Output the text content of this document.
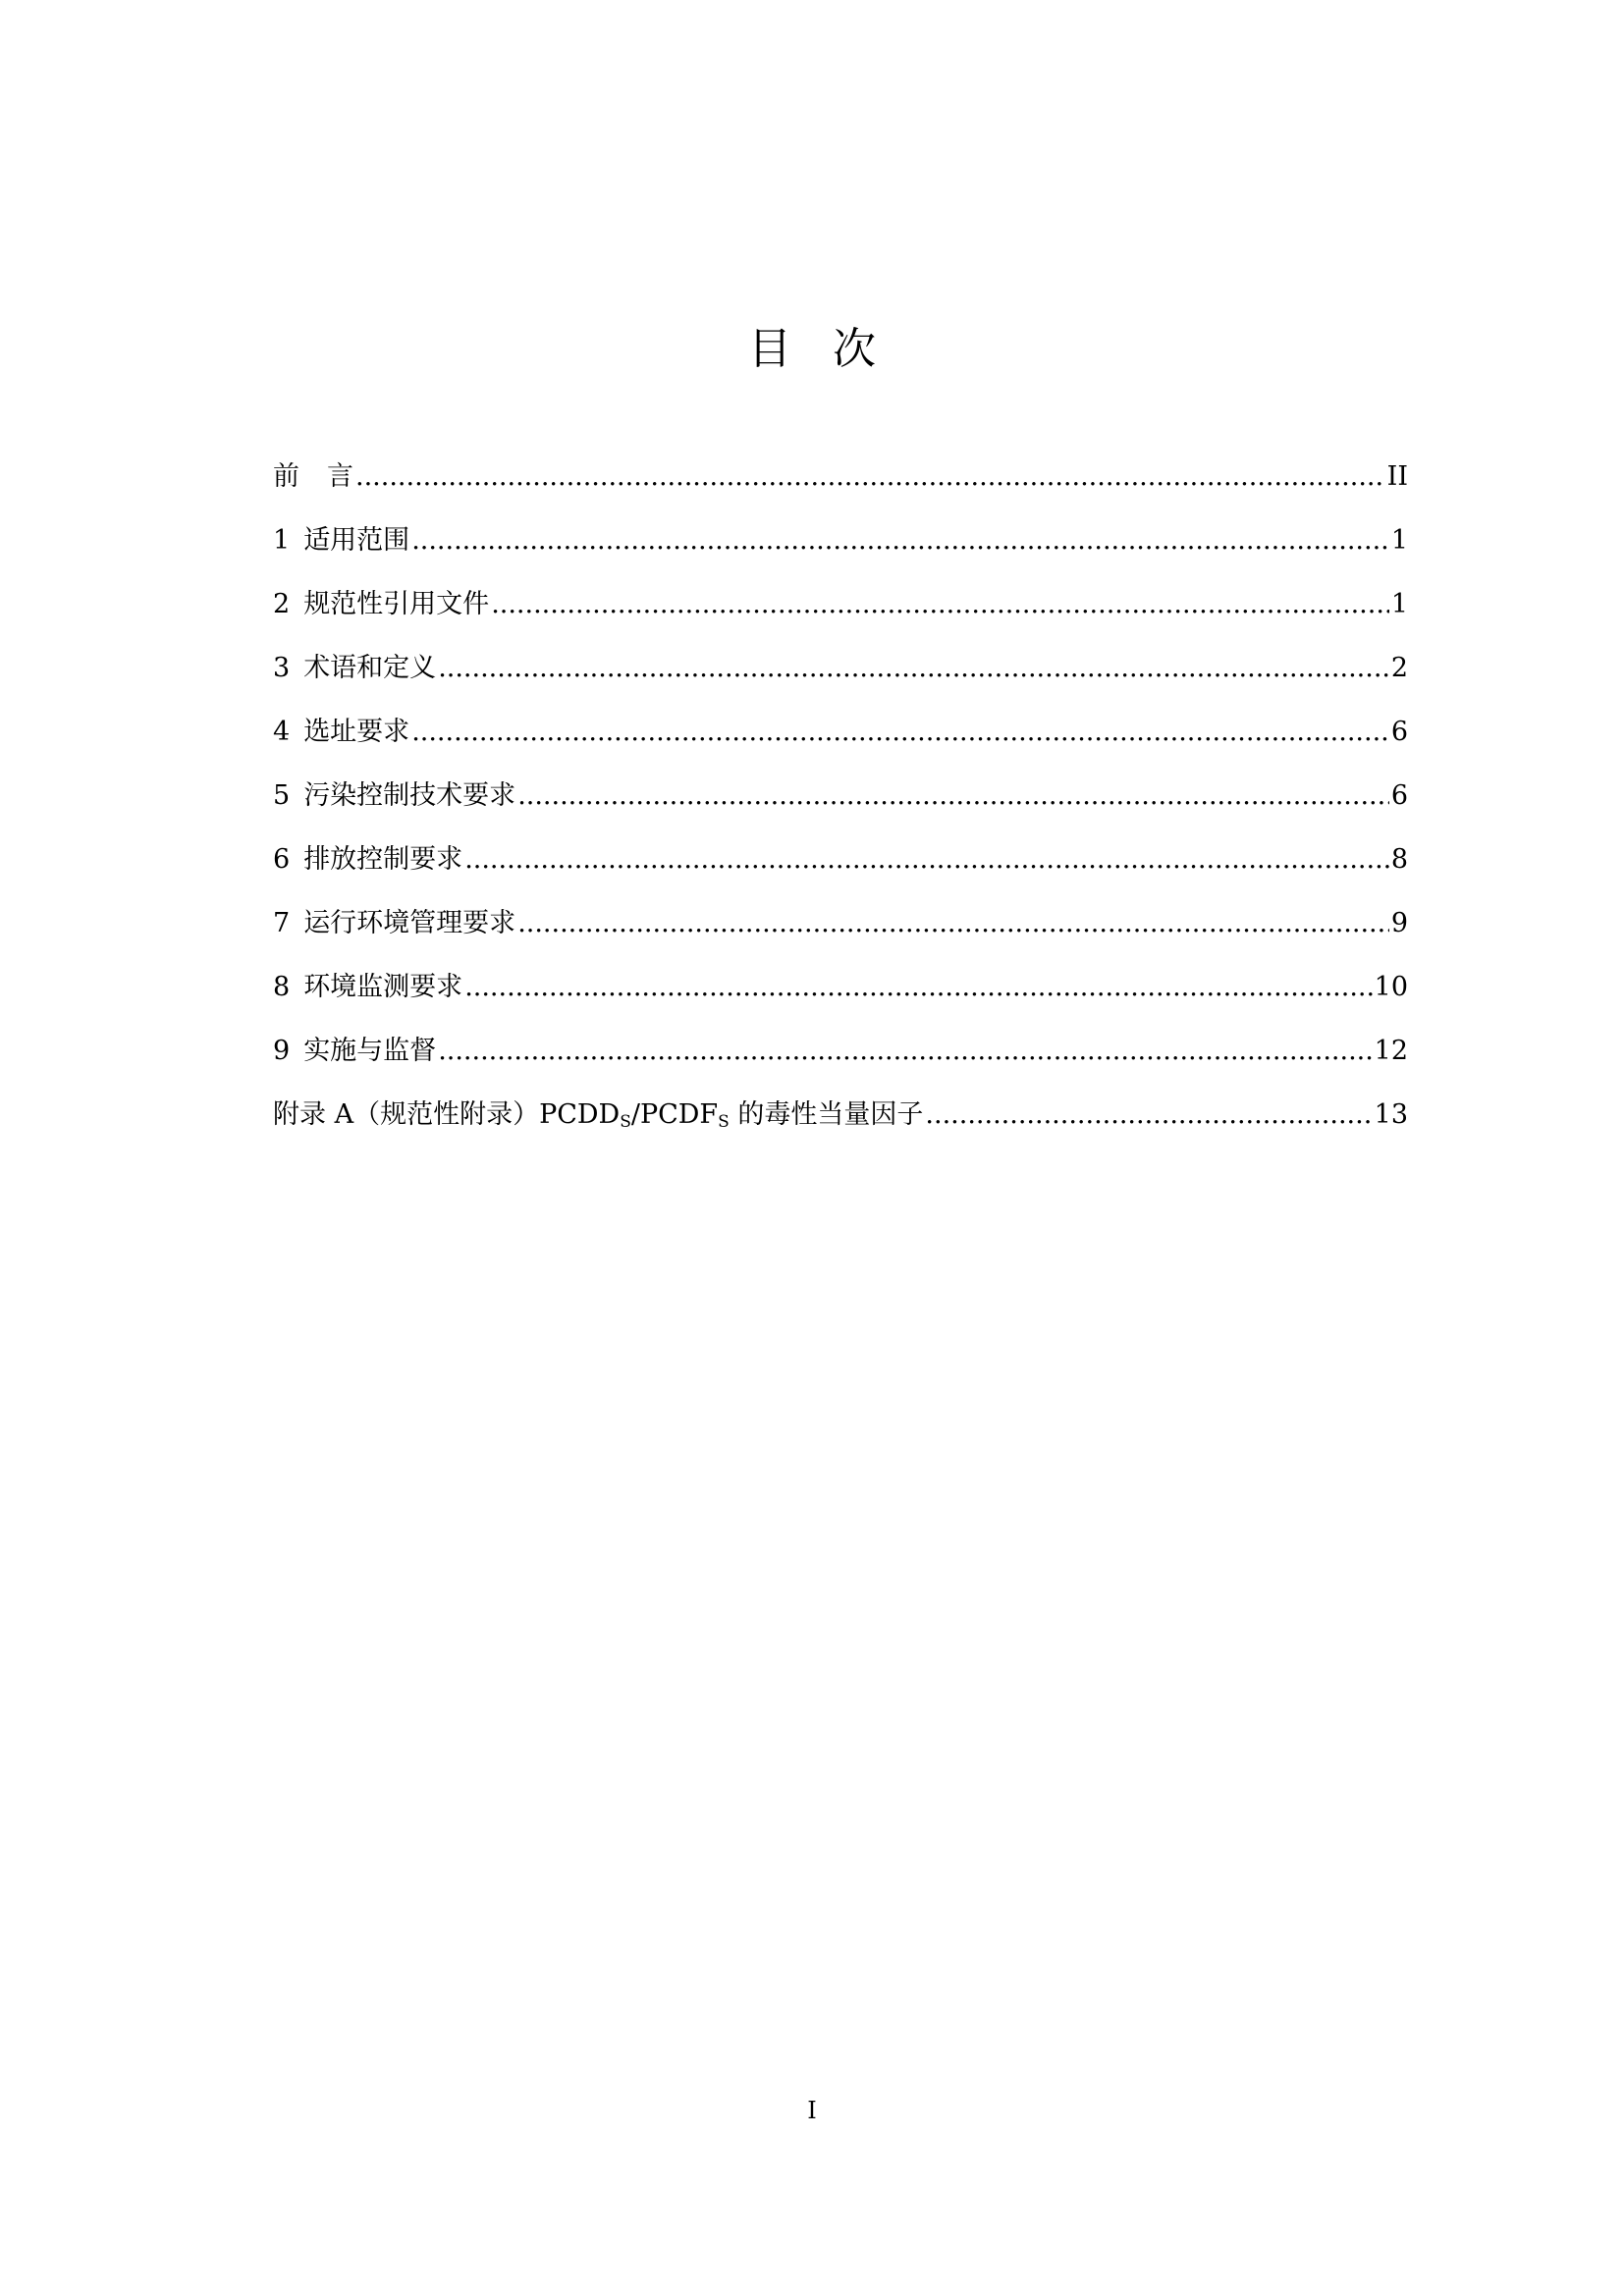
目次
前 言 .....	II
1 适用范围 .....	1
2 规范性引用文件 .....	1
3 术语和定义 .....	2
4 选址要求 .....	6
5 污染控制技术要求 .....	6
6 排放控制要求 .....	8
7 运行环境管理要求 .....	9
8 环境监测要求 .....	10
9 实施与监督 .....	12
附录 A（规范性附录）$PCDD_S/PCDF_S$ 的毒性当量因子 .....	13
I
